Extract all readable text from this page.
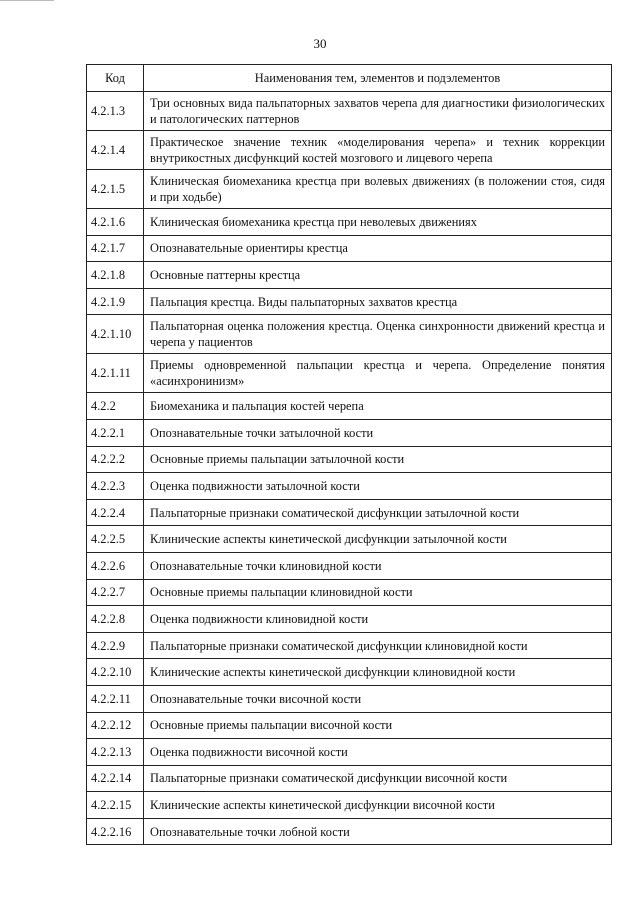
30
Код	Наименования тем, элементов и подэлементов
4.2.1.3	Три основных вида пальпаторных захватов черепа для диагностики физиологических и патологических паттернов
4.2.1.4	Практическое значение техник «моделирования черепа» и техник коррекции внутрикостных дисфункций костей мозгового и лицевого черепа
4.2.1.5	Клиническая биомеханика крестца при волевых движениях (в положении стоя, сидя и при ходьбе)
4.2.1.6	Клиническая биомеханика крестца при неволевых движениях
4.2.1.7	Опознавательные ориентиры крестца
4.2.1.8	Основные паттерны крестца
4.2.1.9	Пальпация крестца. Виды пальпаторных захватов крестца
4.2.1.10	Пальпаторная оценка положения крестца. Оценка синхронности движений крестца и черепа у пациентов
4.2.1.11	Приемы одновременной пальпации крестца и черепа. Определение понятия «асинхронинизм»
4.2.2	Биомеханика и пальпация костей черепа
4.2.2.1	Опознавательные точки затылочной кости
4.2.2.2	Основные приемы пальпации затылочной кости
4.2.2.3	Оценка подвижности затылочной кости
4.2.2.4	Пальпаторные признаки соматической дисфункции затылочной кости
4.2.2.5	Клинические аспекты кинетической дисфункции затылочной кости
4.2.2.6	Опознавательные точки клиновидной кости
4.2.2.7	Основные приемы пальпации клиновидной кости
4.2.2.8	Оценка подвижности клиновидной кости
4.2.2.9	Пальпаторные признаки соматической дисфункции клиновидной кости
4.2.2.10	Клинические аспекты кинетической дисфункции клиновидной кости
4.2.2.11	Опознавательные точки височной кости
4.2.2.12	Основные приемы пальпации височной кости
4.2.2.13	Оценка подвижности височной кости
4.2.2.14	Пальпаторные признаки соматической дисфункции височной кости
4.2.2.15	Клинические аспекты кинетической дисфункции височной кости
4.2.2.16	Опознавательные точки лобной кости
